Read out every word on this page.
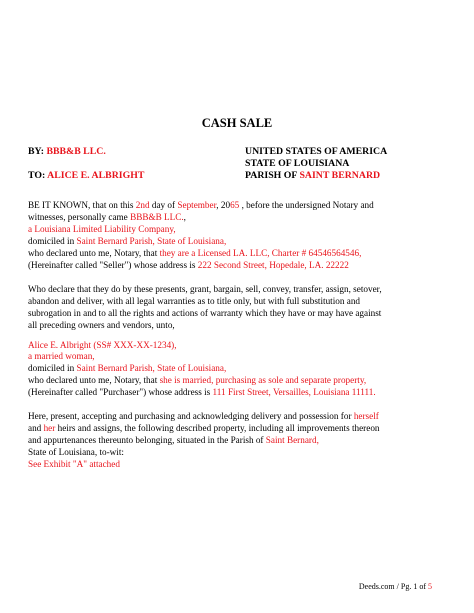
CASH SALE
BY: BBB&B LLC.	UNITED STATES OF AMERICA
STATE OF LOUISIANA
TO: ALICE E. ALBRIGHT	PARISH OF SAINT BERNARD
BE IT KNOWN, that on this 2nd day of September, 2065 , before the undersigned Notary and
witnesses, personally came BBB&B LLC.,
a Louisiana Limited Liability Company,
domiciled in Saint Bernard Parish, State of Louisiana,
who declared unto me, Notary, that they are a Licensed LA. LLC, Charter # 64546564546,
(Hereinafter called "Seller") whose address is 222 Second Street, Hopedale, LA. 22222
Who declare that they do by these presents, grant, bargain, sell, convey, transfer, assign, setover,
abandon and deliver, with all legal warranties as to title only, but with full substitution and
subrogation in and to all the rights and actions of warranty which they have or may have against
all preceding owners and vendors, unto,
Alice E. Albright (SS# XXX-XX-1234),
a married woman,
domiciled in Saint Bernard Parish, State of Louisiana,
who declared unto me, Notary, that she is married, purchasing as sole and separate property,
(Hereinafter called "Purchaser") whose address is 111 First Street, Versailles, Louisiana 11111.
Here, present, accepting and purchasing and acknowledging delivery and possession for herself
and her heirs and assigns, the following described property, including all improvements thereon
and appurtenances thereunto belonging, situated in the Parish of Saint Bernard,
State of Louisiana, to-wit:
See Exhibit "A" attached
Deeds.com / Pg. 1 of 5
